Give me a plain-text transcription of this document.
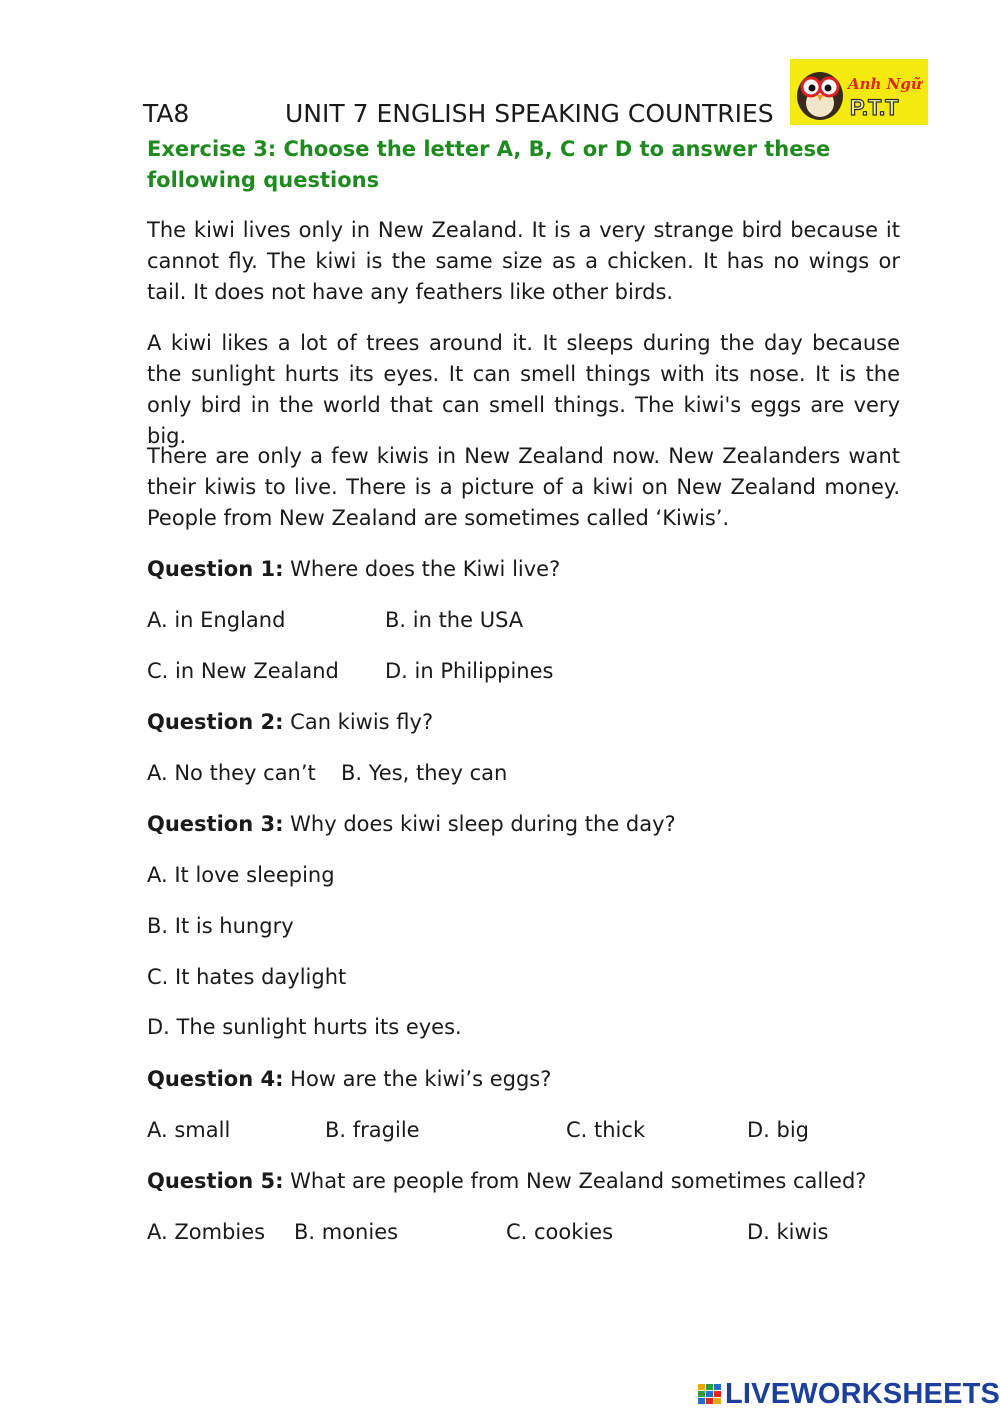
TA8	UNIT 7 ENGLISH SPEAKING COUNTRIES
Anh Ngữ
P.T.T
Exercise 3: Choose the letter A, B, C or D to answer these following questions
The kiwi lives only in New Zealand. It is a very strange bird because it cannot fly. The kiwi is the same size as a chicken. It has no wings or tail. It does not have any feathers like other birds.
A kiwi likes a lot of trees around it. It sleeps during the day because the sunlight hurts its eyes. It can smell things with its nose. It is the only bird in the world that can smell things. The kiwi's eggs are very big.
There are only a few kiwis in New Zealand now. New Zealanders want their kiwis to live. There is a picture of a kiwi on New Zealand money. People from New Zealand are sometimes called ‘Kiwis’.
Question 1: Where does the Kiwi live?
A. in England	B. in the USA
C. in New Zealand D. in Philippines
Question 2: Can kiwis fly?
A. No they can’t B. Yes, they can
Question 3: Why does kiwi sleep during the day?
A. It love sleeping
B. It is hungry
C. It hates daylight
D. The sunlight hurts its eyes.
Question 4: How are the kiwi’s eggs?
A. small	B. fragile	C. thick	D. big
Question 5: What are people from New Zealand sometimes called?
A. Zombies B. monies	C. cookies	D. kiwis
LIVEWORKSHEETS
